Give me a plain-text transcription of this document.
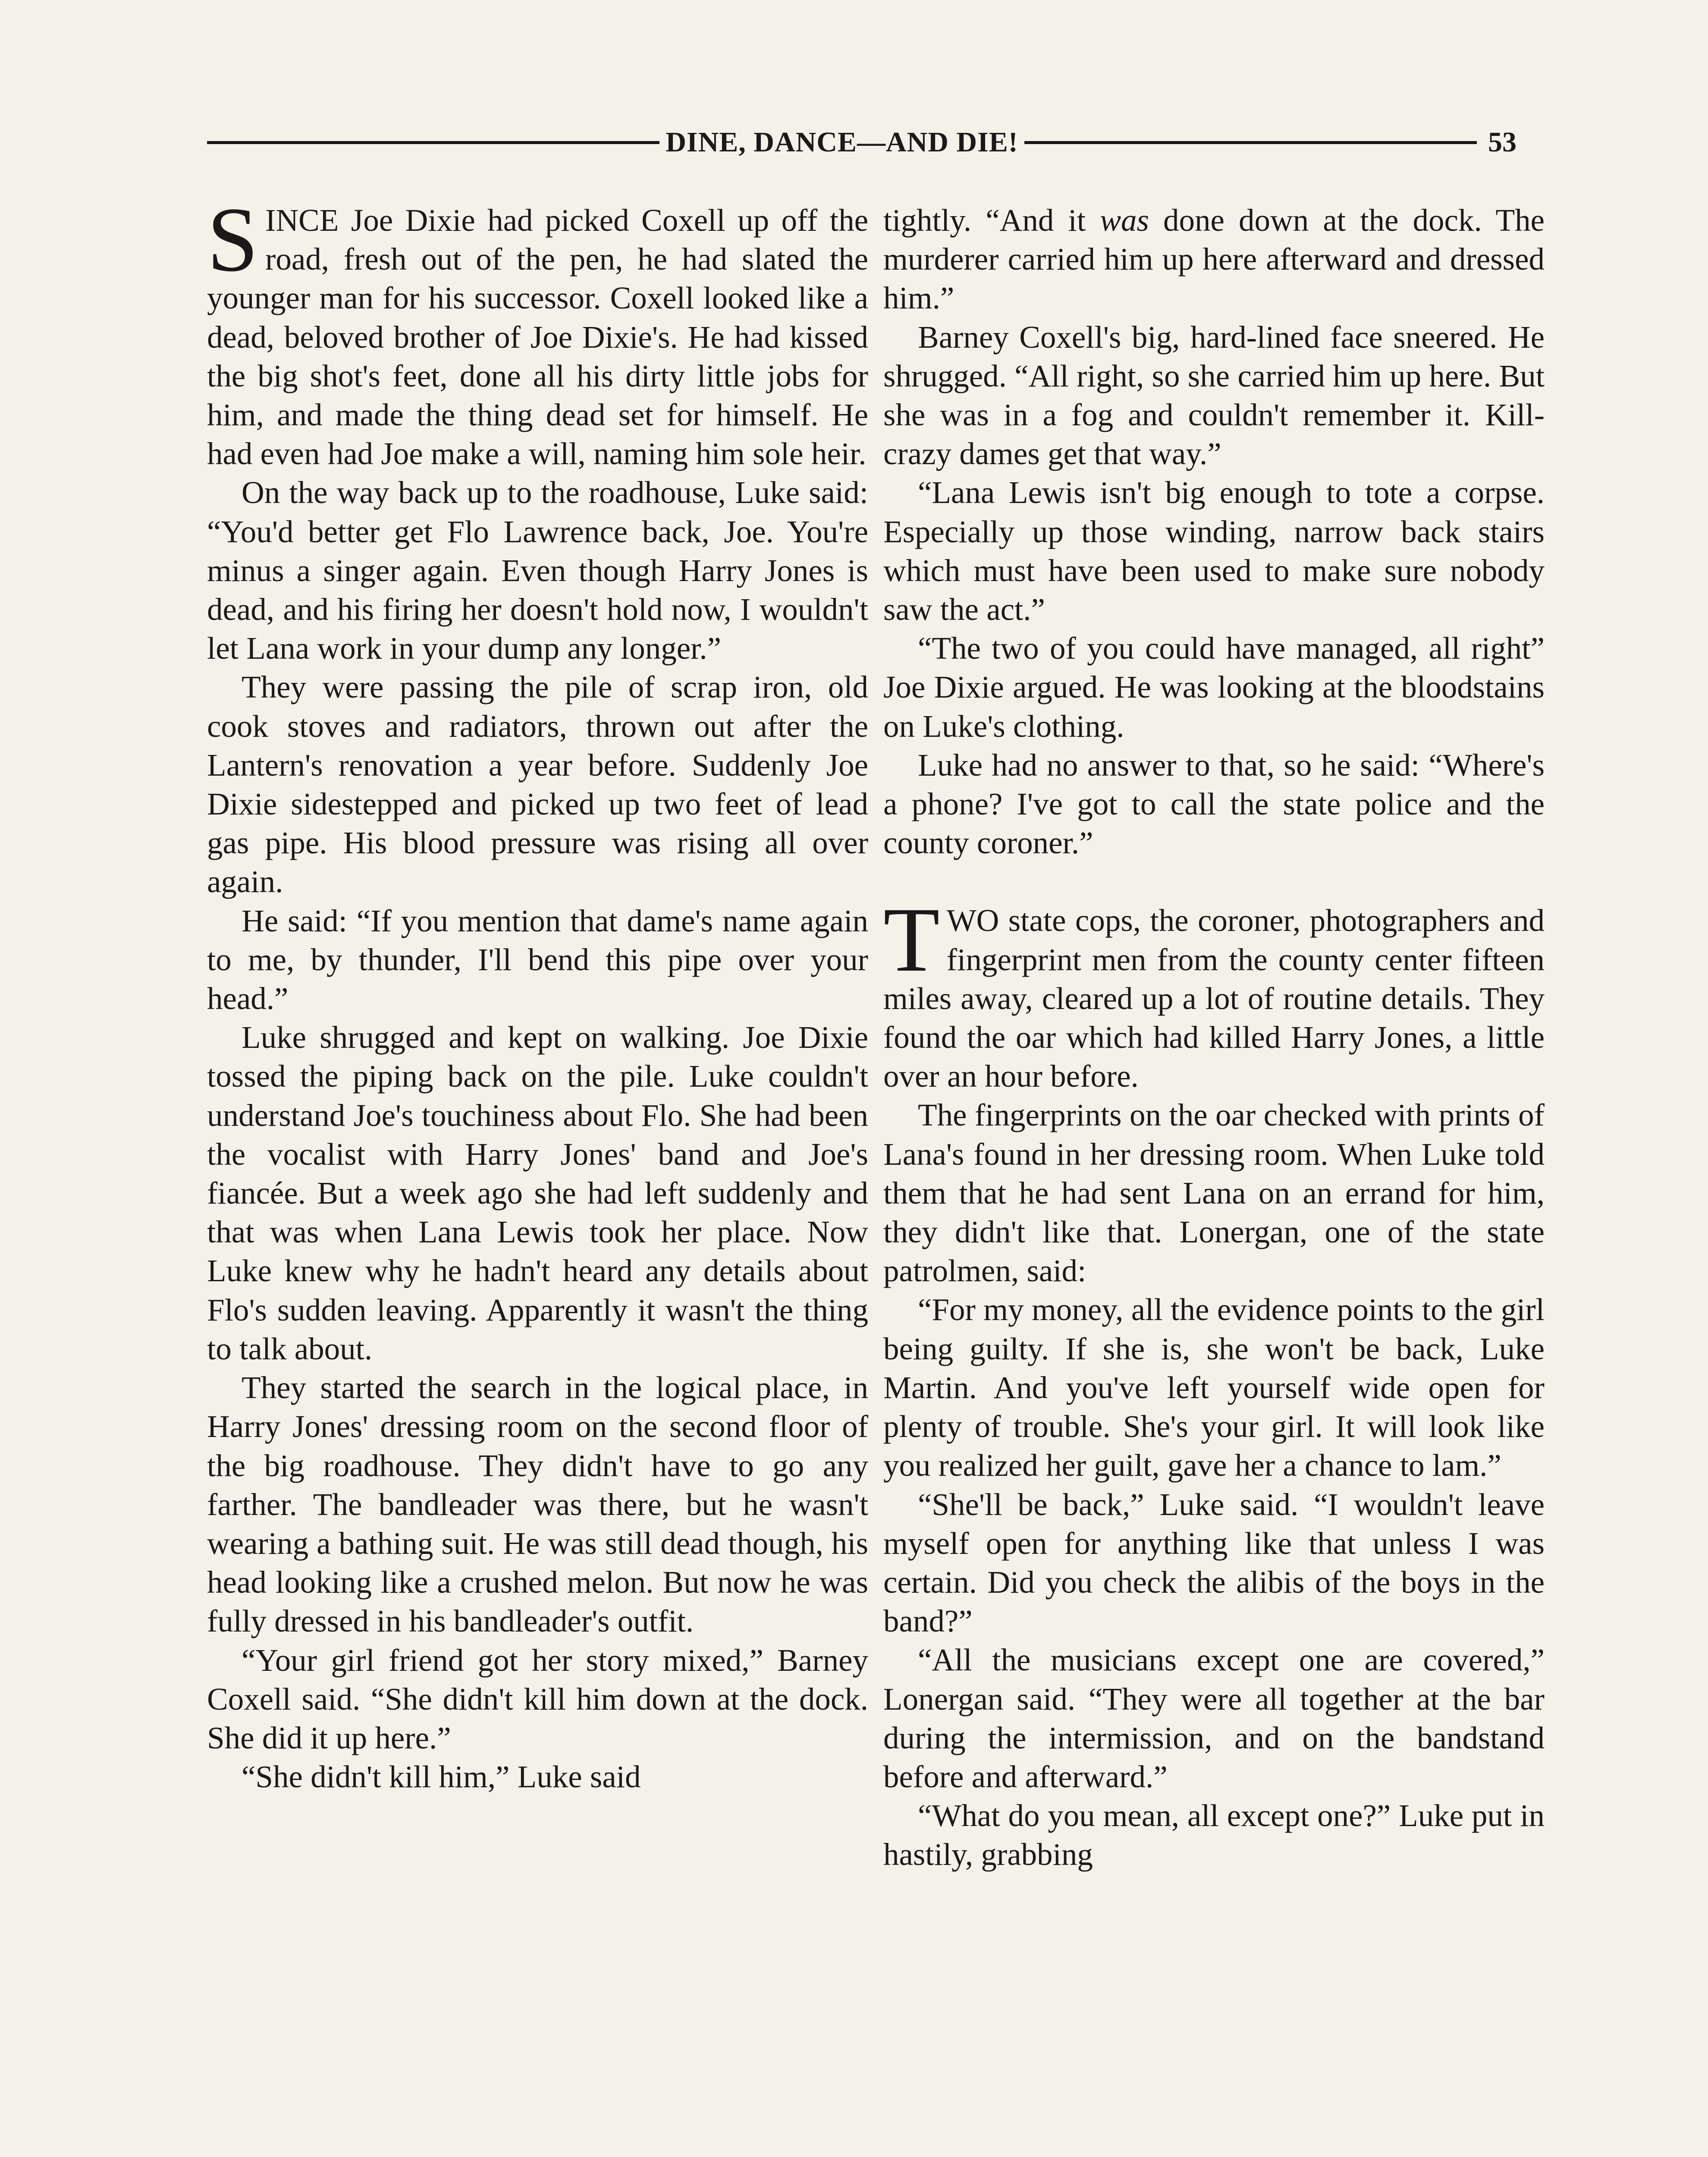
DINE, DANCE—AND DIE!	53

SINCE Joe Dixie had picked Coxell up off the road, fresh out of the pen, he had slated the younger man for his successor. Coxell looked like a dead, beloved brother of Joe Dixie's. He had kissed the big shot's feet, done all his dirty little jobs for him, and made the thing dead set for himself. He had even had Joe make a will, naming him sole heir.

On the way back up to the roadhouse, Luke said: “You'd better get Flo Lawrence back, Joe. You're minus a singer again. Even though Harry Jones is dead, and his firing her doesn't hold now, I wouldn't let Lana work in your dump any longer.”

They were passing the pile of scrap iron, old cook stoves and radiators, thrown out after the Lantern's renovation a year before. Suddenly Joe Dixie sidestepped and picked up two feet of lead gas pipe. His blood pressure was rising all over again.

He said: “If you mention that dame's name again to me, by thunder, I'll bend this pipe over your head.”

Luke shrugged and kept on walking. Joe Dixie tossed the piping back on the pile. Luke couldn't understand Joe's touchiness about Flo. She had been the vocalist with Harry Jones' band and Joe's fiancée. But a week ago she had left suddenly and that was when Lana Lewis took her place. Now Luke knew why he hadn't heard any details about Flo's sudden leaving. Apparently it wasn't the thing to talk about.

They started the search in the logical place, in Harry Jones' dressing room on the second floor of the big roadhouse. They didn't have to go any farther. The bandleader was there, but he wasn't wearing a bathing suit. He was still dead though, his head looking like a crushed melon. But now he was fully dressed in his bandleader's outfit.

“Your girl friend got her story mixed,” Barney Coxell said. “She didn't kill him down at the dock. She did it up here.”

“She didn't kill him,” Luke said

tightly. “And it was done down at the dock. The murderer carried him up here afterward and dressed him.”

Barney Coxell's big, hard-lined face sneered. He shrugged. “All right, so she carried him up here. But she was in a fog and couldn't remember it. Kill-crazy dames get that way.”

“Lana Lewis isn't big enough to tote a corpse. Especially up those winding, narrow back stairs which must have been used to make sure nobody saw the act.”

“The two of you could have managed, all right” Joe Dixie argued. He was looking at the bloodstains on Luke's clothing.

Luke had no answer to that, so he said: “Where's a phone? I've got to call the state police and the county coroner.”

TWO state cops, the coroner, photographers and fingerprint men from the county center fifteen miles away, cleared up a lot of routine details. They found the oar which had killed Harry Jones, a little over an hour before.

The fingerprints on the oar checked with prints of Lana's found in her dressing room. When Luke told them that he had sent Lana on an errand for him, they didn't like that. Lonergan, one of the state patrolmen, said:

“For my money, all the evidence points to the girl being guilty. If she is, she won't be back, Luke Martin. And you've left yourself wide open for plenty of trouble. She's your girl. It will look like you realized her guilt, gave her a chance to lam.”

“She'll be back,” Luke said. “I wouldn't leave myself open for anything like that unless I was certain. Did you check the alibis of the boys in the band?”

“All the musicians except one are covered,” Lonergan said. “They were all together at the bar during the intermission, and on the bandstand before and afterward.”

“What do you mean, all except one?” Luke put in hastily, grabbing
